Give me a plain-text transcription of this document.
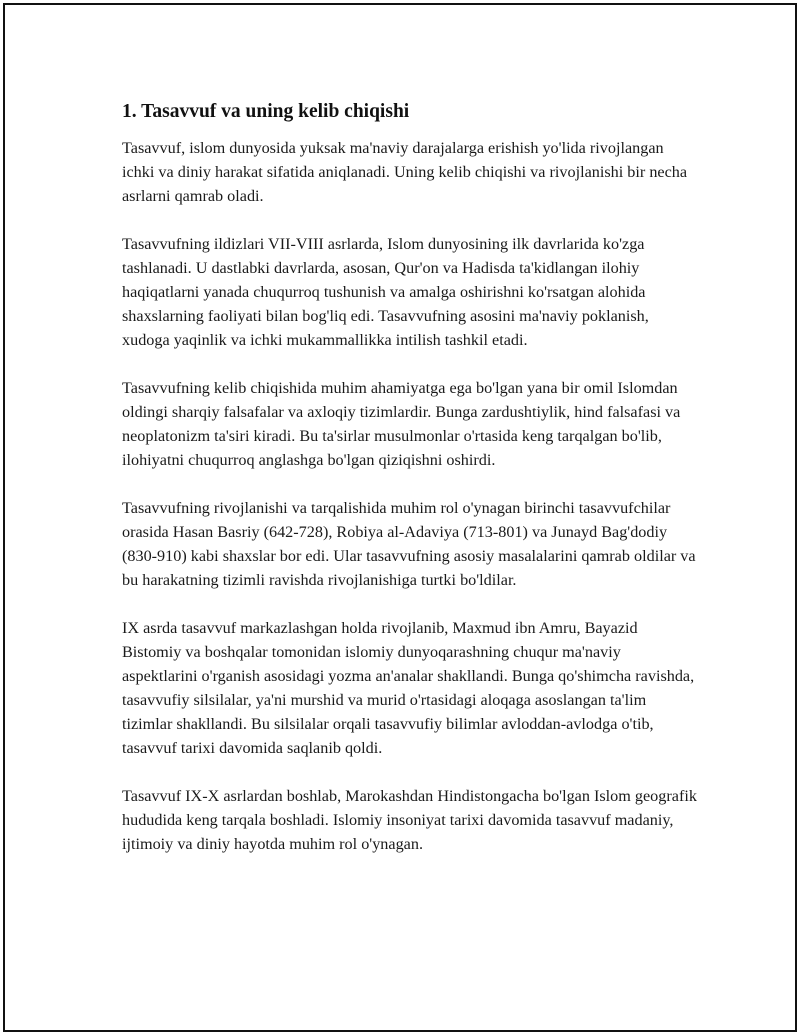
1. Tasavvuf va uning kelib chiqishi

Tasavvuf, islom dunyosida yuksak ma'naviy darajalarga erishish yo'lida rivojlangan ichki va diniy harakat sifatida aniqlanadi. Uning kelib chiqishi va rivojlanishi bir necha asrlarni qamrab oladi.

Tasavvufning ildizlari VII-VIII asrlarda, Islom dunyosining ilk davrlarida ko'zga tashlanadi. U dastlabki davrlarda, asosan, Qur'on va Hadisda ta'kidlangan ilohiy haqiqatlarni yanada chuqurroq tushunish va amalga oshirishni ko'rsatgan alohida shaxslarning faoliyati bilan bog'liq edi. Tasavvufning asosini ma'naviy poklanish, xudoga yaqinlik va ichki mukammallikka intilish tashkil etadi.

Tasavvufning kelib chiqishida muhim ahamiyatga ega bo'lgan yana bir omil Islomdan oldingi sharqiy falsafalar va axloqiy tizimlardir. Bunga zardushtiylik, hind falsafasi va neoplatonizm ta'siri kiradi. Bu ta'sirlar musulmonlar o'rtasida keng tarqalgan bo'lib, ilohiyatni chuqurroq anglashga bo'lgan qiziqishni oshirdi.

Tasavvufning rivojlanishi va tarqalishida muhim rol o'ynagan birinchi tasavvufchilar orasida Hasan Basriy (642-728), Robiya al-Adaviya (713-801) va Junayd Bag'dodiy (830-910) kabi shaxslar bor edi. Ular tasavvufning asosiy masalalarini qamrab oldilar va bu harakatning tizimli ravishda rivojlanishiga turtki bo'ldilar.

IX asrda tasavvuf markazlashgan holda rivojlanib, Maxmud ibn Amru, Bayazid Bistomiy va boshqalar tomonidan islomiy dunyoqarashning chuqur ma'naviy aspektlarini o'rganish asosidagi yozma an'analar shakllandi. Bunga qo'shimcha ravishda, tasavvufiy silsilalar, ya'ni murshid va murid o'rtasidagi aloqaga asoslangan ta'lim tizimlar shakllandi. Bu silsilalar orqali tasavvufiy bilimlar avloddan-avlodga o'tib, tasavvuf tarixi davomida saqlanib qoldi.

Tasavvuf IX-X asrlardan boshlab, Marokashdan Hindistongacha bo'lgan Islom geografik hududida keng tarqala boshladi. Islomiy insoniyat tarixi davomida tasavvuf madaniy, ijtimoiy va diniy hayotda muhim rol o'ynagan.
